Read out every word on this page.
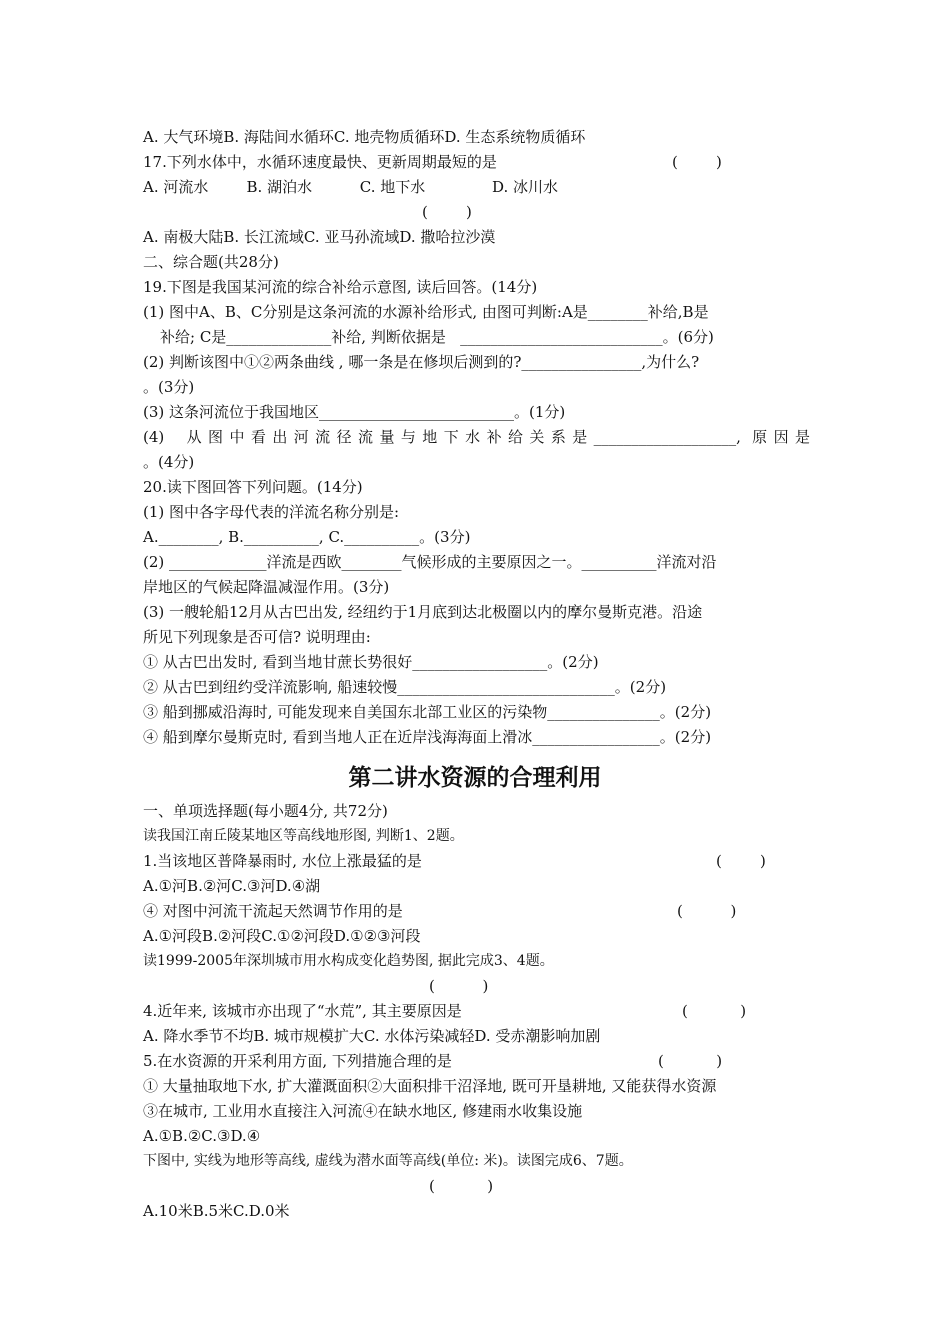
A. 大气环境B. 海陆间水循环C. 地壳物质循环D. 生态系统物质循环
17.下列水体中，水循环速度最快、更新周期最短的是	(        )
A. 河流水        B. 湖泊水          C. 地下水              D. 冰川水
(        )
A. 南极大陆B. 长江流域C. 亚马孙流域D. 撒哈拉沙漠
二、综合题(共28分)
19.下图是我国某河流的综合补给示意图, 读后回答。(14分)
(1) 图中A、B、C分别是这条河流的水源补给形式, 由图可判断:A是________补给,B是
补给; C是______________补给, 判断依据是   ___________________________。(6分)
(2) 判断该图中①②两条曲线 , 哪一条是在修坝后测到的?________________,为什么?
。(3分)
(3) 这条河流位于我国地区__________________________。(1分)
(4)  从图中看出河流径流量与地下水补给关系是___________________, 原因是
。(4分)
20.读下图回答下列问题。(14分)
(1) 图中各字母代表的洋流名称分别是:
A.________, B.__________, C.__________。(3分)
(2) _____________洋流是西欧________气候形成的主要原因之一。__________洋流对沿
岸地区的气候起降温减湿作用。(3分)
(3) 一艘轮船12月从古巴出发, 经纽约于1月底到达北极圈以内的摩尔曼斯克港。沿途
所见下列现象是否可信? 说明理由:
① 从古巴出发时, 看到当地甘蔗长势很好__________________。(2分)
② 从古巴到纽约受洋流影响, 船速较慢_____________________________。(2分)
③ 船到挪威沿海时, 可能发现来自美国东北部工业区的污染物_______________。(2分)
④ 船到摩尔曼斯克时, 看到当地人正在近岸浅海海面上滑冰_________________。(2分)
第二讲水资源的合理利用
一、单项选择题(每小题4分, 共72分)
读我国江南丘陵某地区等高线地形图, 判断1、2题。
1.当该地区普降暴雨时, 水位上涨最猛的是	(        )
A.①河B.②河C.③河D.④湖
④ 对图中河流干流起天然调节作用的是	(          )
A.①河段B.②河段C.①②河段D.①②③河段
读1999-2005年深圳城市用水构成变化趋势图, 据此完成3、4题。
(          )
4.近年来, 该城市亦出现了“水荒”, 其主要原因是	(           )
A. 降水季节不均B. 城市规模扩大C. 水体污染减轻D. 受赤潮影响加剧
5.在水资源的开采利用方面, 下列措施合理的是	(           )
① 大量抽取地下水, 扩大灌溉面积②大面积排干沼泽地, 既可开垦耕地, 又能获得水资源
③在城市, 工业用水直接注入河流④在缺水地区, 修建雨水收集设施
A.①B.②C.③D.④
下图中, 实线为地形等高线, 虚线为潜水面等高线(单位: 米)。读图完成6、7题。
(           )
A.10米B.5米C.D.0米
